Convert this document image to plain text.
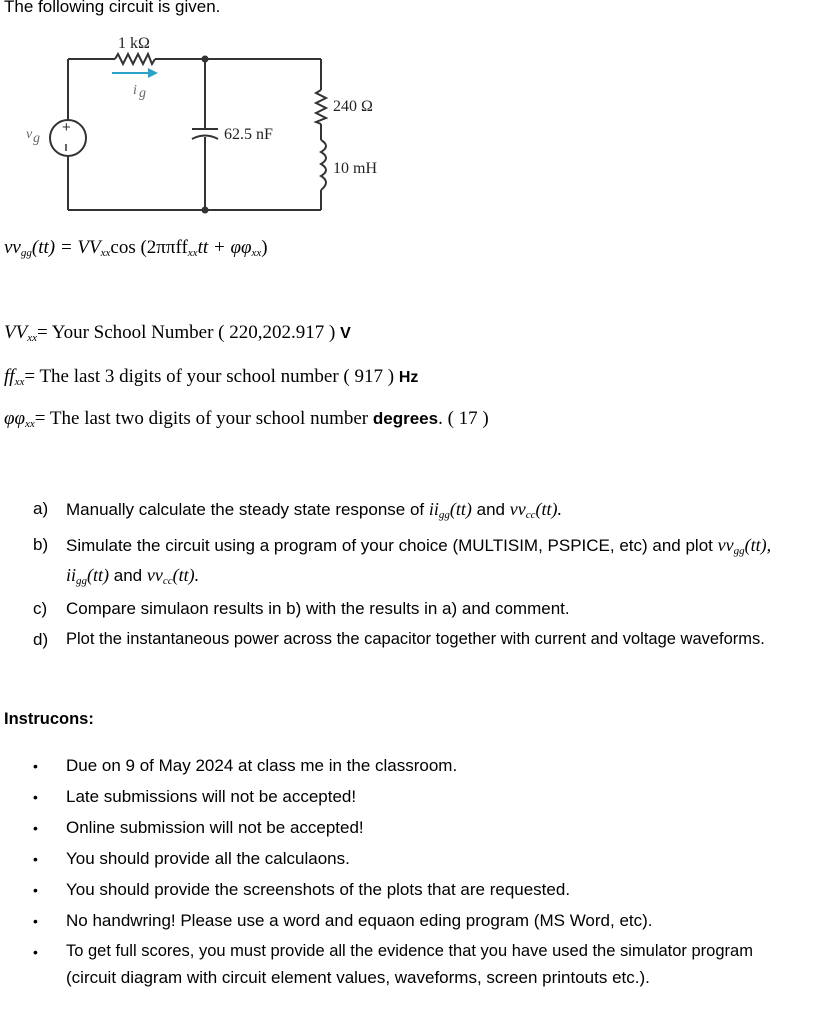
The following circuit is given.
+
1 kΩ
i g
v g	62.5 nF
240 Ω
10 mH
$vv_{gg}(tt) = VV_{xx}\cos$ $(2\pi\pi ff_{xx}tt + \varphi\varphi_{xx})$
$VV_{xx}=$ Your School Number ( 220,202.917 ) V
$ff_{xx}=$ The last 3 digits of your school number ( 917 ) Hz
$\varphi\varphi_{xx}=$ The last two digits of your school number degrees. ( 17 )
a) Manually calculate the steady state response of $ii_{gg}(tt)$ and $vv_{cc}(tt)$.
b) Simulate the circuit using a program of your choice (MULTISIM, PSPICE, etc) and plot $vv_{gg}(tt)$,
$ii_{gg}(tt)$ and $vv_{cc}(tt)$.
c) Compare simulaon results in b) with the results in a) and comment.
d) Plot the instantaneous power across the capacitor together with current and voltage waveforms.
Instrucons:
• Due on 9 of May 2024 at class me in the classroom.
• Late submissions will not be accepted!
• Online submission will not be accepted!
• You should provide all the calculaons.
• You should provide the screenshots of the plots that are requested.
• No handwring! Please use a word and equaon eding program (MS Word, etc).
• To get full scores, you must provide all the evidence that you have used the simulator program
(circuit diagram with circuit element values, waveforms, screen printouts etc.).
